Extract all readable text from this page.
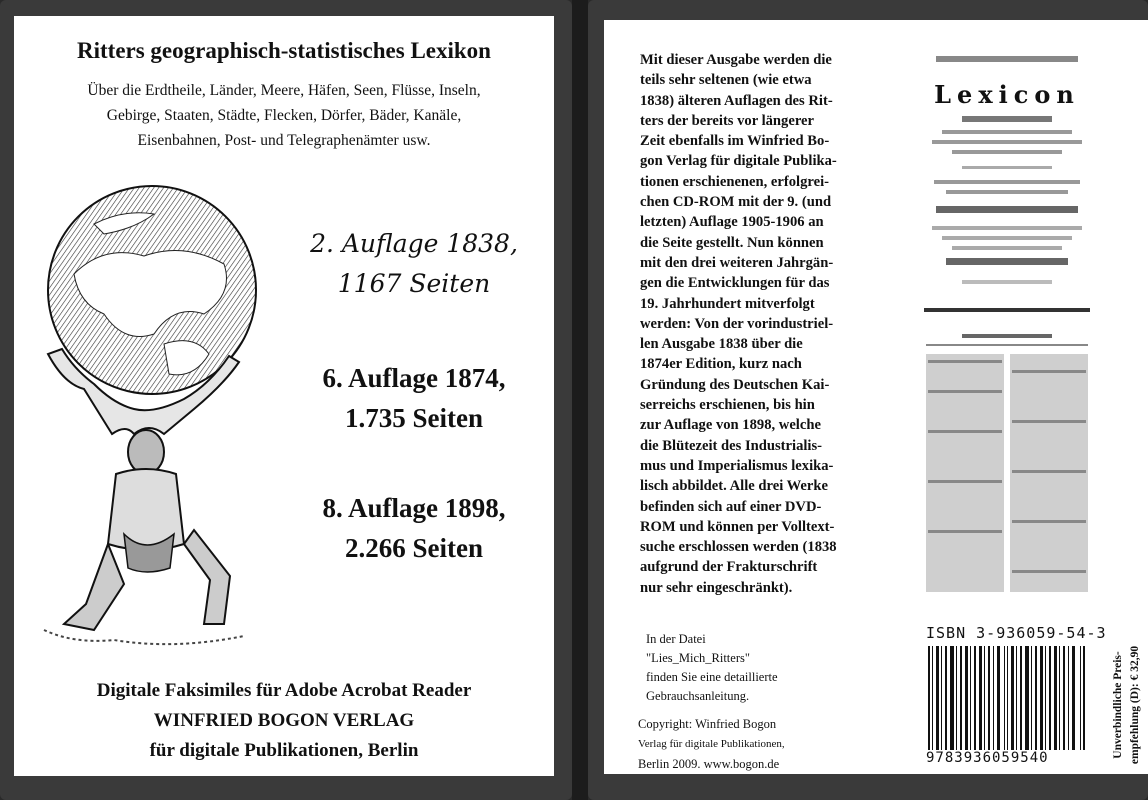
Ritters geographisch-statistisches Lexikon
Über die Erdtheile, Länder, Meere, Häfen, Seen, Flüsse, Inseln,
Gebirge, Staaten, Städte, Flecken, Dörfer, Bäder, Kanäle,
Eisenbahnen, Post- und Telegraphenämter usw.
2. Auflage 1838,
1167 Seiten
6. Auflage 1874,
1.735 Seiten
8. Auflage 1898,
2.266 Seiten
Digitale Faksimiles für Adobe Acrobat Reader
WINFRIED BOGON VERLAG
für digitale Publikationen, Berlin
Mit dieser Ausgabe werden die
teils sehr seltenen (wie etwa
1838) älteren Auflagen des Rit-
ters der bereits vor längerer
Zeit ebenfalls im Winfried Bo-
gon Verlag für digitale Publika-
tionen erschienenen, erfolgrei-
chen CD-ROM mit der 9. (und
letzten) Auflage 1905-1906 an
die Seite gestellt. Nun können
mit den drei weiteren Jahrgän-
gen die Entwicklungen für das
19. Jahrhundert mitverfolgt
werden: Von der vorindustriel-
len Ausgabe 1838 über die
1874er Edition, kurz nach
Gründung des Deutschen Kai-
serreichs erschienen, bis hin
zur Auflage von 1898, welche
die Blütezeit des Industrialis-
mus und Imperialismus lexika-
lisch abbildet. Alle drei Werke
befinden sich auf einer DVD-
ROM und können per Volltext-
suche erschlossen werden (1838
aufgrund der Frakturschrift
nur sehr eingeschränkt).
In der Datei
"Lies_Mich_Ritters"
finden Sie eine detaillierte
Gebrauchsanleitung.
Copyright: Winfried Bogon
Verlag für digitale Publikationen,
Berlin 2009. www.bogon.de
Lexicon
ISBN 3-936059-54-3
9783936059540	Unverbindliche Preis- empfehlung (D): € 32,90
